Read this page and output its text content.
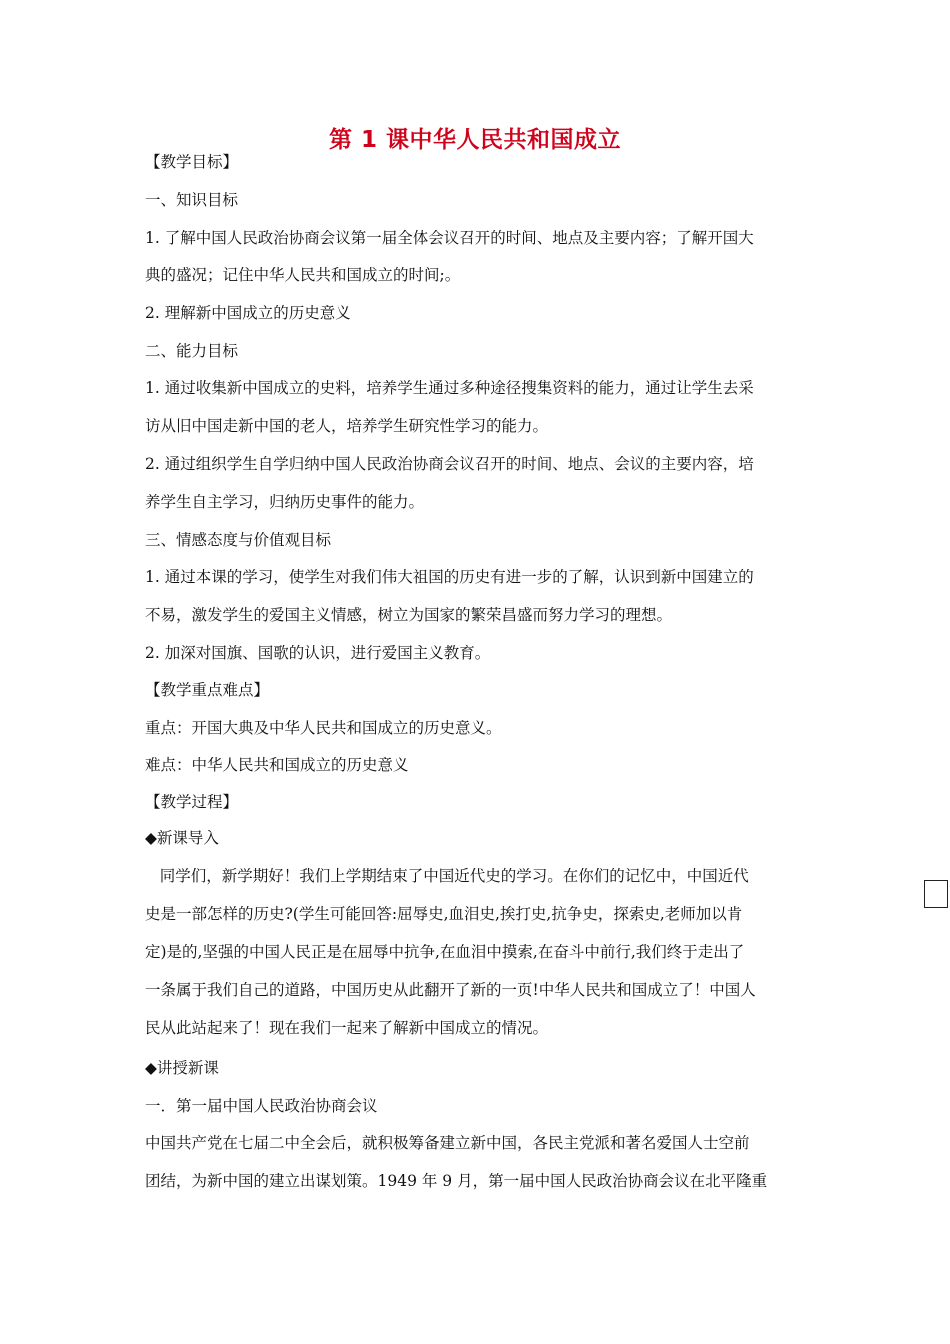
第 1 课中华人民共和国成立
【教学目标】
一、知识目标
1. 了解中国人民政治协商会议第一届全体会议召开的时间、地点及主要内容；了解开国大
典的盛况；记住中华人民共和国成立的时间;。
2. 理解新中国成立的历史意义
二、能力目标
1. 通过收集新中国成立的史料，培养学生通过多种途径搜集资料的能力，通过让学生去采
访从旧中国走新中国的老人，培养学生研究性学习的能力。
2. 通过组织学生自学归纳中国人民政治协商会议召开的时间、地点、会议的主要内容，培
养学生自主学习，归纳历史事件的能力。
三、情感态度与价值观目标
1. 通过本课的学习，使学生对我们伟大祖国的历史有进一步的了解，认识到新中国建立的
不易，激发学生的爱国主义情感，树立为国家的繁荣昌盛而努力学习的理想。
2. 加深对国旗、国歌的认识，进行爱国主义教育。
【教学重点难点】
重点：开国大典及中华人民共和国成立的历史意义。
难点：中华人民共和国成立的历史意义
【教学过程】
◆新课导入
同学们，新学期好！我们上学期结束了中国近代史的学习。在你们的记忆中，中国近代
史是一部怎样的历史?(学生可能回答:屈辱史,血泪史,挨打史,抗争史，探索史,老师加以肯
定)是的,坚强的中国人民正是在屈辱中抗争,在血泪中摸索,在奋斗中前行,我们终于走出了
一条属于我们自己的道路，中国历史从此翻开了新的一页!中华人民共和国成立了！中国人
民从此站起来了！现在我们一起来了解新中国成立的情况。
◆讲授新课
一．第一届中国人民政治协商会议
中国共产党在七届二中全会后，就积极筹备建立新中国，各民主党派和著名爱国人士空前
团结，为新中国的建立出谋划策。1949 年 9 月，第一届中国人民政治协商会议在北平隆重
